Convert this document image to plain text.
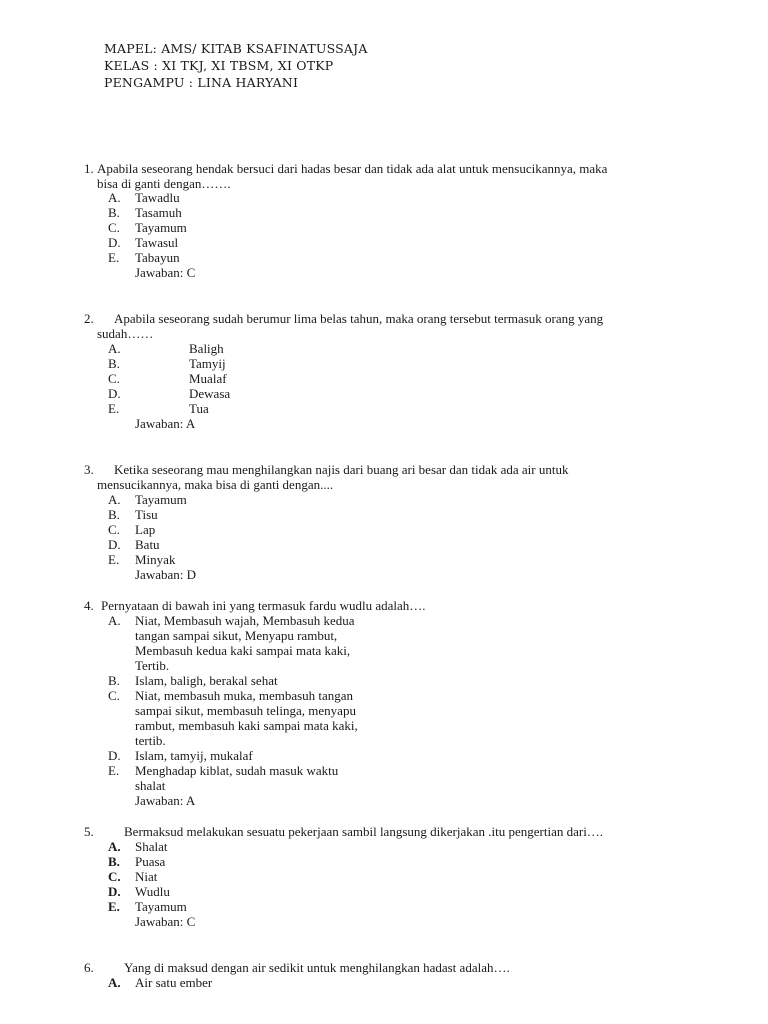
MAPEL: AMS/ KITAB KSAFINATUSSAJA
KELAS : XI TKJ, XI TBSM, XI OTKP
PENGAMPU : LINA HARYANI
1. Apabila seseorang hendak bersuci dari hadas besar dan tidak ada alat untuk mensucikannya, maka
bisa di ganti dengan…….
A. Tawadlu
B. Tasamuh
C. Tayamum
D. Tawasul
E. Tabayun
Jawaban: C
2. Apabila seseorang sudah berumur lima belas tahun, maka orang tersebut termasuk orang yang
sudah……
A.	Baligh
B.	Tamyij
C.	Mualaf
D.	Dewasa
E.	Tua
Jawaban: A
3. Ketika seseorang mau menghilangkan najis dari buang ari besar dan tidak ada air untuk
mensucikannya, maka bisa di ganti dengan....
A. Tayamum
B. Tisu
C. Lap
D. Batu
E. Minyak
Jawaban: D
4. Pernyataan di bawah ini yang termasuk fardu wudlu adalah….
A. Niat, Membasuh wajah, Membasuh kedua
tangan sampai sikut, Menyapu rambut,
Membasuh kedua kaki sampai mata kaki,
Tertib.
B. Islam, baligh, berakal sehat
C. Niat, membasuh muka, membasuh tangan
sampai sikut, membasuh telinga, menyapu
rambut, membasuh kaki sampai mata kaki,
tertib.
D. Islam, tamyij, mukalaf
E. Menghadap kiblat, sudah masuk waktu
shalat
Jawaban: A
5. Bermaksud melakukan sesuatu pekerjaan sambil langsung dikerjakan .itu pengertian dari….
A. Shalat
B. Puasa
C. Niat
D. Wudlu
E. Tayamum
Jawaban: C
6. Yang di maksud dengan air sedikit untuk menghilangkan hadast adalah….
A. Air satu ember
